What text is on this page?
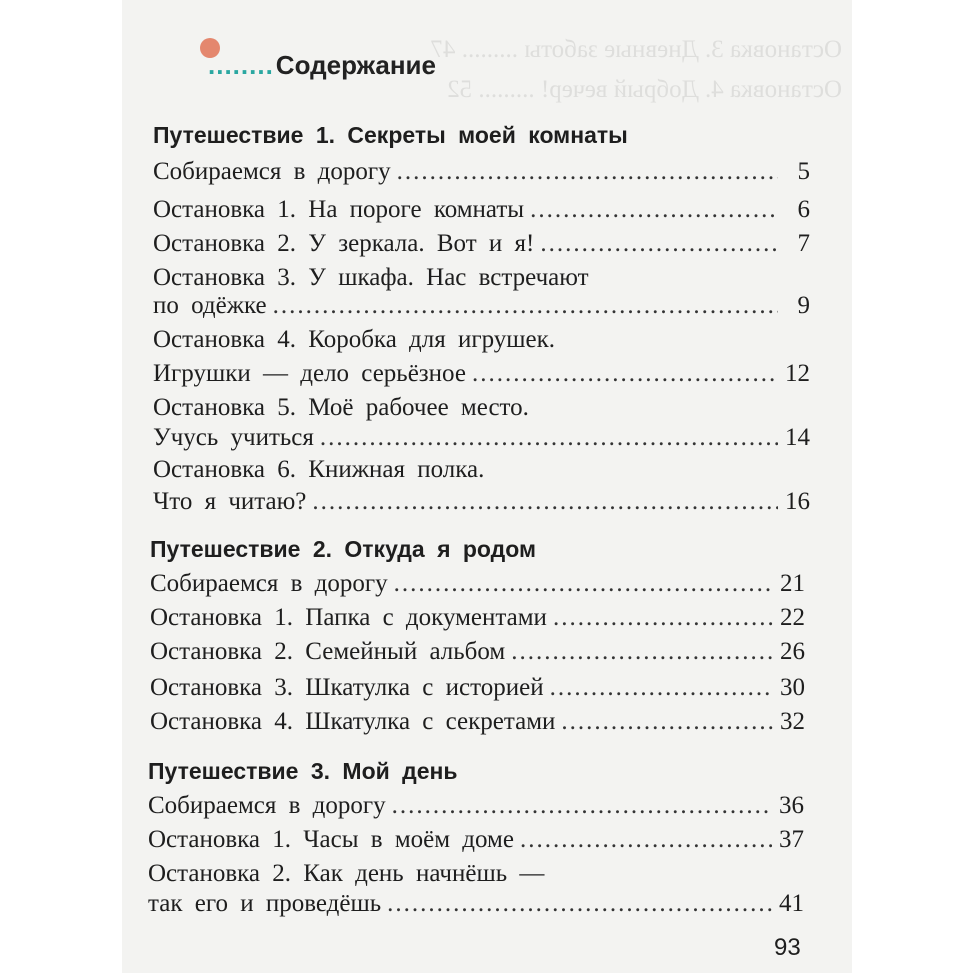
Остановка 3. Дневные заботы ......... 47
Остановка 4. Добрый вечер! ......... 52
........ Содержание
Путешествие 1. Секреты моей комнаты
Собираемся в дорогу .....	5
Остановка 1. На пороге комнаты .....	6
Остановка 2. У зеркала. Вот и я! .....	7
Остановка 3. У шкафа. Нас встречают
по одёжке .....	9
Остановка 4. Коробка для игрушек.
Игрушки — дело серьёзное .....	12
Остановка 5. Моё рабочее место.
Учусь учиться .....	14
Остановка 6. Книжная полка.
Что я читаю? .....	16
Путешествие 2. Откуда я родом
Собираемся в дорогу .....	21
Остановка 1. Папка с документами .....	22
Остановка 2. Семейный альбом .....	26
Остановка 3. Шкатулка с историей .....	30
Остановка 4. Шкатулка с секретами .....	32
Путешествие 3. Мой день
Собираемся в дорогу .....	36
Остановка 1. Часы в моём доме .....	37
Остановка 2. Как день начнёшь —
так его и проведёшь .....	41
93
